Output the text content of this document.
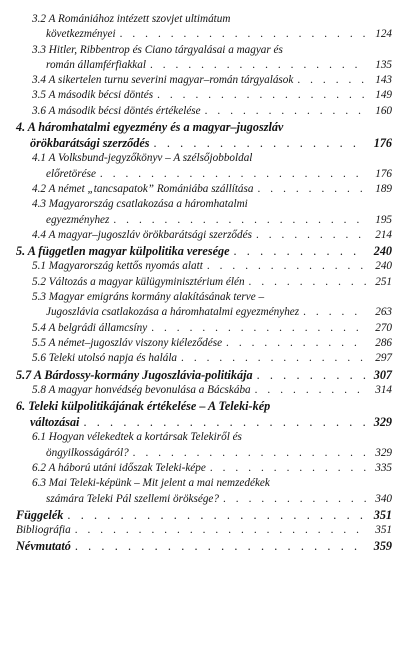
3.2 A Romániához intézett szovjet ultimátum
következményei . . .	124
3.3 Hitler, Ribbentrop és Ciano tárgyalásai a magyar és
román államférfiakkal . . .	135
3.4 A sikertelen turnu severini magyar–román tárgyalások . . .	143
3.5 A második bécsi döntés . . .	149
3.6 A második bécsi döntés értékelése . . .	160
4. A háromhatalmi egyezmény és a magyar–jugoszláv
örökbarátsági szerződés . . .	176
4.1 A Volksbund-jegyzőkönyv – A szélsőjobboldal
előretörése . . .	176
4.2 A német „tancsapatok” Romániába szállítása . . .	189
4.3 Magyarország csatlakozása a háromhatalmi
egyezményhez . . .	195
4.4 A magyar–jugoszláv örökbarátsági szerződés . . .	214
5. A független magyar külpolitika veresége . . .	240
5.1 Magyarország kettős nyomás alatt . . .	240
5.2 Változás a magyar külügyminisztérium élén . . .	251
5.3 Magyar emigráns kormány alakításának terve –
Jugoszlávia csatlakozása a háromhatalmi egyezményhez . . .	263
5.4 A belgrádi államcsíny . . .	270
5.5 A német–jugoszláv viszony kiéleződése . . .	286
5.6 Teleki utolsó napja és halála . . .	297
5.7 A Bárdossy-kormány Jugoszlávia-politikája . . .	307
5.8 A magyar honvédség bevonulása a Bácskába . . .	314
6. Teleki külpolitikájának értékelése – A Teleki-kép
változásai . . .	329
6.1 Hogyan vélekedtek a kortársak Telekiről és
öngyilkosságáról? . . .	329
6.2 A háború utáni időszak Teleki-képe . . .	335
6.3 Mai Teleki-képünk – Mit jelent a mai nemzedékek
számára Teleki Pál szellemi öröksége? . . .	340
Függelék . . .	351
Bibliográfia . . .	351
Névmutató . . .	359
